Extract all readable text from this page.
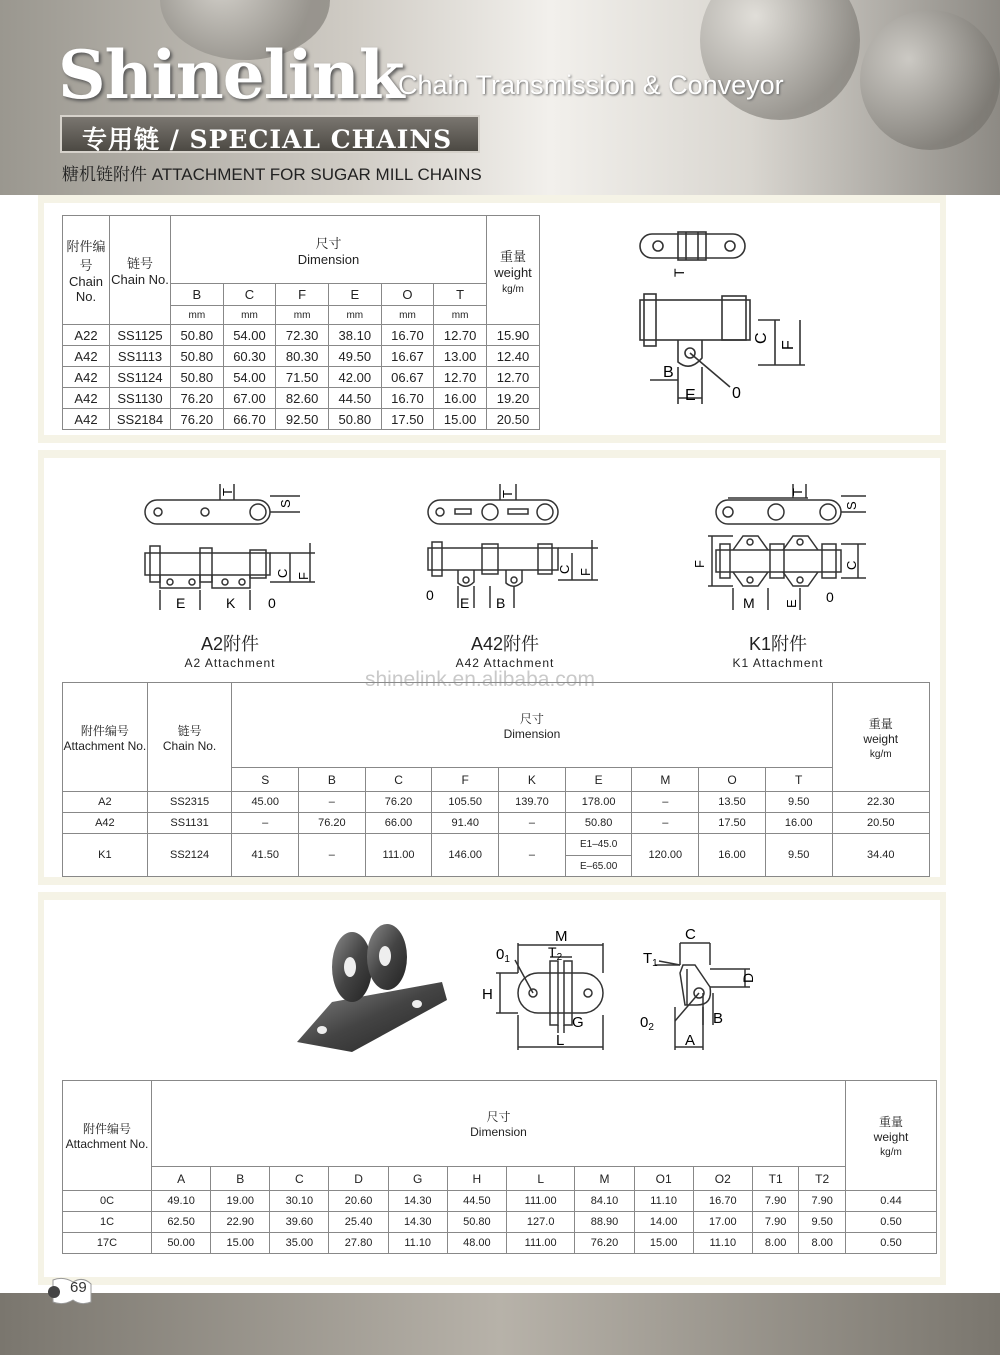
Shinelink
Chain Transmission & Conveyor
专用链 / SPECIAL CHAINS
糖机链附件 ATTACHMENT FOR SUGAR MILL CHAINS
附件编号
Chain No.	链号
Chain No.	尺寸
Dimension						重量
weight
kg/m
		B	C	F	E	O	T	
		mm	mm	mm	mm	mm	mm	
A22	SS1125	50.80	54.00	72.30	38.10	16.70	12.70	15.90
A42	SS1113	50.80	60.30	80.30	49.50	16.67	13.00	12.40
A42	SS1124	50.80	54.00	71.50	42.00	06.67	12.70	12.70
A42	SS1130	76.20	67.00	82.60	44.50	16.70	16.00	19.20
A42	SS2184	76.20	66.70	92.50	50.80	17.50	15.00	20.50
T
C
F
B
E 0
T
S
C F
E	K 0
T
C F
0 E B
T
S
C
F
M E 0
A2附件
A2 Attachment
A42附件
A42 Attachment
K1附件
K1 Attachment
shinelink.en.alibaba.com
附件编号
Attachment No.	链号
Chain No.	尺寸
Dimension									重量
weight
kg/m
		S	B	C	F	K	E	M	O	T	
A2	SS2315	45.00	–	76.20	105.50	139.70	178.00	–	13.50	9.50	22.30
A42	SS1131	–	76.20	66.00	91.40	–	50.80	–	17.50	16.00	20.50
K1	SS2124	41.50	–	111.00	146.00	–	E1–45.0	120.00	16.00	9.50	34.40
							E–65.00				
M
$0_1$	$T_2$
H
G
L
C
$T_1$
D
$0_2$
B
A
附件编号
Attachment No.	尺寸
Dimension												重量
weight
kg/m
	A	B	C	D	G	H	L	M	O1	O2	T1	T2	
0C	49.10	19.00	30.10	20.60	14.30	44.50	111.00	84.10	11.10	16.70	7.90	7.90	0.44
1C	62.50	22.90	39.60	25.40	14.30	50.80	127.0	88.90	14.00	17.00	7.90	9.50	0.50
17C	50.00	15.00	35.00	27.80	11.10	48.00	111.00	76.20	15.00	11.10	8.00	8.00	0.50
69
